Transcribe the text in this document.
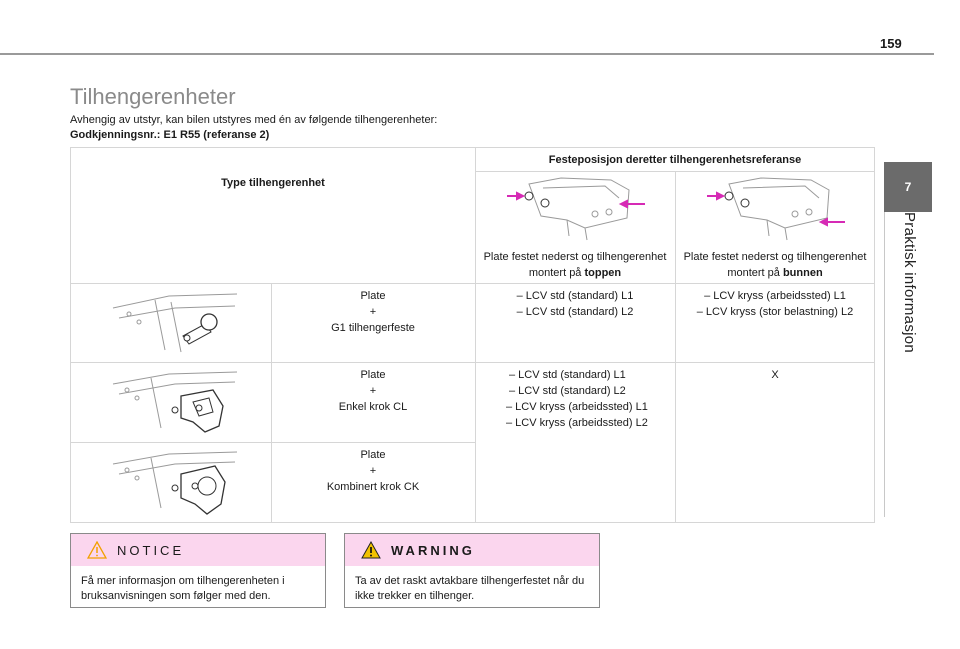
159
7
Praktisk informasjon
Tilhengerenheter
Avhengig av utstyr, kan bilen utstyres med én av følgende tilhengerenheter:
Godkjenningsnr.: E1 R55 (referanse 2)
Festeposisjon deretter tilhengerenhetsreferanse
Type tilhengerenhet
Plate festet nederst og tilhengerenhet montert på toppen
Plate festet nederst og tilhengerenhet montert på bunnen
Plate
+
G1 tilhengerfeste
– LCV std (standard) L1
– LCV std (standard) L2
– LCV kryss (arbeidssted) L1
– LCV kryss (stor belastning) L2
Plate
+
Enkel krok CL
– LCV std (standard) L1
– LCV std (standard) L2
– LCV kryss (arbeidssted) L1
– LCV kryss (arbeidssted) L2
X
Plate
+
Kombinert krok CK
NOTICE
Få mer informasjon om tilhengerenheten i bruksanvisningen som følger med den.
WARNING
Ta av det raskt avtakbare tilhengerfestet når du ikke trekker en tilhenger.
